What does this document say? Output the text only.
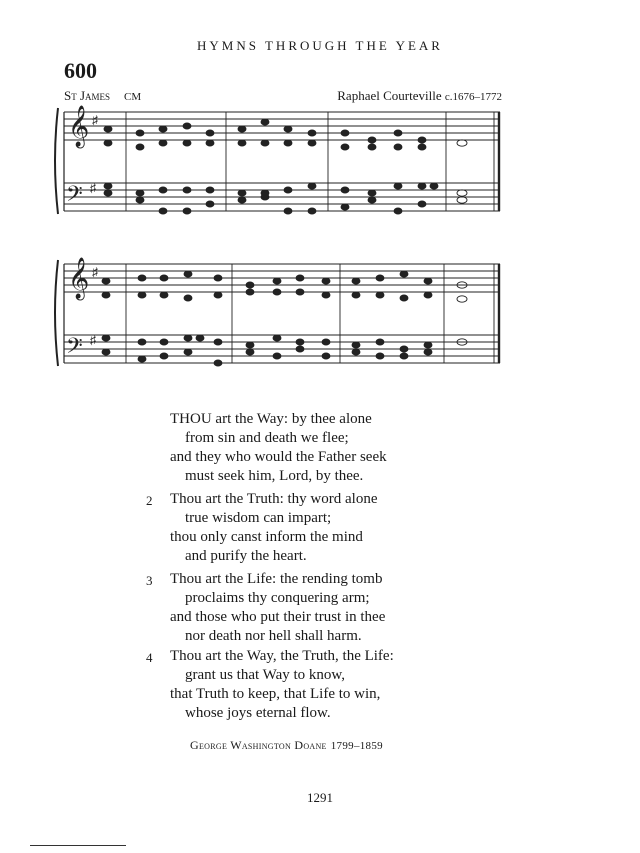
HYMNS THROUGH THE YEAR
600
St James CM	Raphael Courteville c.1676–1772
𝄞
𝄢
♯
♯
𝄞
𝄢
♯
♯
THOU art the Way: by thee alone
from sin and death we flee;
and they who would the Father seek
must seek him, Lord, by thee.
2 Thou art the Truth: thy word alone
true wisdom can impart;
thou only canst inform the mind
and purify the heart.
3 Thou art the Life: the rending tomb
proclaims thy conquering arm;
and those who put their trust in thee
nor death nor hell shall harm.
4 Thou art the Way, the Truth, the Life:
grant us that Way to know,
that Truth to keep, that Life to win,
whose joys eternal flow.
George Washington Doane 1799–1859
1291
